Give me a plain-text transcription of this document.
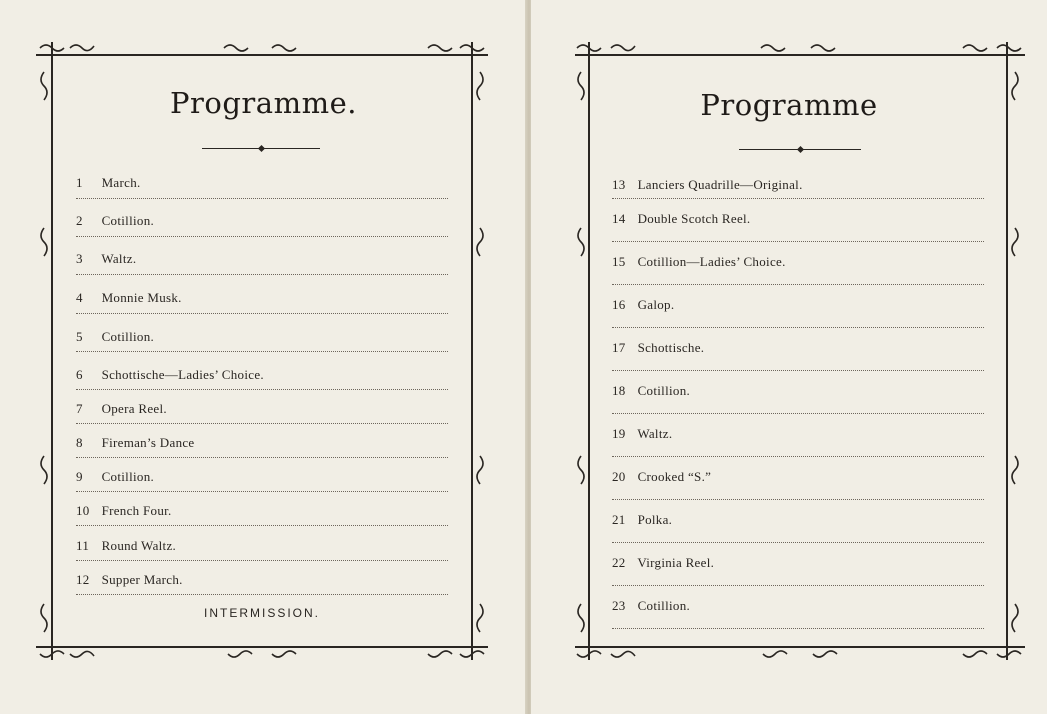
Programme.
1 March.
2 Cotillion.
3 Waltz.
4 Monnie Musk.
5 Cotillion.
6 Schottische—Ladies’ Choice.
7 Opera Reel.
8 Fireman’s Dance
9 Cotillion.
10 French Four.
11 Round Waltz.
12 Supper March.
INTERMISSION.
Programme
13 Lanciers Quadrille—Original.
14 Double Scotch Reel.
15 Cotillion—Ladies’ Choice.
16 Galop.
17 Schottische.
18 Cotillion.
19 Waltz.
20 Crooked “S.”
21 Polka.
22 Virginia Reel.
23 Cotillion.
